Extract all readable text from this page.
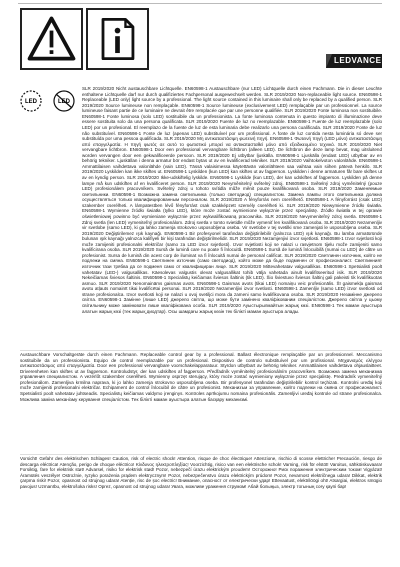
LEDVANCE
LED	LED
SLR 2019/2020 Nicht austauschbare Lichtquelle. EN60598-1 Austauschbare (nur LED) Lichtquelle durch einen Fachmann. Die in dieser Leuchte enthaltene Lichtquelle darf nur durch qualifiziertes Fachpersonal ausgewechselt werden. SLR 2019/2020 Non-replaceable light source. EN60598-1 Replaceable (LED only) light source by a professional. The light source contained in this luminaire shall only be replaced by a qualified person. SLR 2019/2020 Source lumineuse non remplaçable. EN60598-1 Source lumineuse (exclusivement LED) remplaçable par un professionnel. La source lumineuse faisant partie de ce luminaire ne devrait être remplacée que par une personne qualifiée. SLR 2019/2020 Fonte luminosa non sostituibile. EN60598-1 Fonte luminosa (solo LED) sostituibile da un professionista. La fonte luminosa contenuta in questo impianto di illuminazione deve essere sostituita solo da una persona qualificata. SLR 2019/2020 Fuente de luz no reemplazable. EN60598-1 Fuente de luz reemplazable (solo LED) por un profesional. El reemplazo de la fuente de luz de esta luminaria debe realizarlo una persona cualificada. SLR 2019/2020 Fonte de luz não substituível. EN60598-1 Fonte de luz (apenas LED) substituível por um profissional. A fonte de luz contida nesta luminária só deve ser substituída por uma pessoa qualificada. SLR 2019/2020 Μη αντικαταστάσιμη φωτεινή πηγή. EN60598-1 Φωτεινή πηγή (LED μόνο) αντικαταστάσιμη από επαγγελματία. Η πηγή φωτός σε αυτό το φωτιστικό μπορεί να αντικατασταθεί μόνο από εξειδικευμένο τεχνικό. SLR 2019/2020 Niet vervangbare lichtbron. EN60598-1 Door een professional vervangbare lichtbron (alleen LED). De lichtbron die deze lamp bevat, mag uitsluitend worden vervangen door een gekwalificeerde persoon. SLR 2019/2020 Ej utbytbar ljuskälla. EN60598-1 Ljuskälla (endast LED) utbytbar av en behörig tekniker. Ljuskällan i denna armatur bör endast bytas ut av en kvalificerad tekniker. SLR 2019/2020 Vaihtokelvoton valonlähde. EN60598-1 Ammattilaisen vaihdettava valonlähde (vain LED). Tässä valaisimessa käytettävän valonlähteen saa vaihtaa vain siihen pätevä henkilö. SLR 2019/2020 Lyskilden kan ikke skiftes ut. EN60598-1 Lyskilden (kun LED) kan skiftes ut av fagperson. Lyskilden i denne armaturen får bare skiftes ut av en kyndig person. SLR 2019/2020 Ikke-udskiftelig lyskilde. EN60598-1 Lyskilde (kun LED), der kan udskiftes af fagperson. Lyskilden på denne lampe må kun udskiftes af en kvalificeret person. SLR 2019/2020 Nevyměnitelný světelný zdroj. EN60598-1 Světelný zdroj vyměnitelný (pouze LED) profesionálem pracovníkem. Světelný zdroj u tohoto svítidla může měnit pouze kvalifikovaná osoba. SLR 2019/2020 Заменяемые светильники. EN60598-1 Возможна замена светильника (только светодиод) специалистом. Замена лампы этого светильника должна осуществляться только квалифицированным персоналом. SLR 2019/2020 A fényforrás nem cserélhető. EN60598-1 A fényforrást (csak LED) szakember cserélheti. A lámpatestben lévő fényforrást csak szakképzett személy cserélheti ki. SLR 2019/2020 Niewymienne źródło światła. EN60598-1 Wymienne źródło światła (tylko LED), które może zostać wymienione wyłącznie przez specjalistę. Źródło światła w tej oprawie oświetleniowej powinno być wymieniane wyłącznie przez wykwalifikowaną pracownika. SLR 2019/2020 Nevymeniteľný zdroj svetla. EN60598-1 Zdroj svetla (len LED) vymeniteľný profesionálom. Zdroj svetla v tomto svietidle môže vymeniť len kvalifikovaná osoba. SLR 2019/2020 Nezamenljiv vir svetlobe (samo LED), ki ga lahko zamenja strokovno usposobljena oseba. Vir svetlobe v tej svetilki sme zamenjati le usposobljena oseba. SLR 2019/2020 Değiştirilemez ışık kaynağı. EN60598-1 Bir profesyonel tarafından değiştirilebilir (yalnızca LED) ışık kaynağı. Bu lamba armatüründe bulunan ışık kaynağı yalnızca kalifiyeli bir kişi tarafından değiştirilmelidir. SLR 2019/2020 Nezamjenjivi izvor svjetlosti. EN60598-1 Izvor svjetlosti koji može zamijeniti profesionalni električar (samo za LED izvor svjetlosti). Izvor svjetlosti koji se nalazi u rasvjetnom tijelu može zamijeniti samo kvalificirana osoba. SLR 2019/2020 Sursă de lumină care nu poate fi înlocuită. EN60598-1 Sursă de lumină înlocuibilă (numai cu LED) de către un profesionist. Sursa de lumină din acest corp de iluminat va fi înlocuită numai de personal calificat. SLR 2019/2020 Светлинен източник, който не подлежи на смяна. EN60598-1 Светлинен източник (само светодиод), който може да бъде подменен от професионалист. Светлинният източник тази трябва да се подменя само от квалифициран лице. SLR 2019/2020 Mittevahetatav valgusallikas. EN60598-1 Spetsialisti poolt vahetatav (LED-) valgusallikas. Käesolevas valgustis olevat valgusallikat tohib välja vahetada ainult kvalifitseeritud isik. SLR 2019/2020 Nekeičiamas šviesos šaltinis. EN60598-1 Specialistų keičiamas šviesos šaltinis (tik LED). Šio šviestuvo šviesos šaltinį gali pakeisti tik kvalifikuotas asmuo. SLR 2019/2020 Nenomaināms gaismas avots. EN60598-1 Gaismas avots (tikai LED) nomaiņu veic profesionālis. Šī gaismekļa gaismas avotu atļauts nomainīt tikai kvalificētai personai. SLR 2019/2020 Nezamenljivi izvor svetlosti. EN60598-1 Zamenljiv (samo LED) izvor svetlosti od strane profesionalca. Izvor svetlosti koji se nalazi u ovoj svetiljci mora da zameni samo kvalifikovana osoba. SLR 2019/2020 Незамінне джерело світла. EN60598-1 Замінне (лише LED) джерело світла, що може бути замінено кваліфікованим спеціалістом. Джерело світла у цьому світильнику може замінювати лише кваліфікована особа. SLR 2019/2020 Ауыстырылмайтын жарық көзі. EN60598-1 Тек маман ауыстыра алатын жарық көзі (тек жарық диодтар). Осы шамдағы жарық көзін тек білікті маман ауыстыра алады.
Austauschbare Vorschaltgeräte durch einen Fachmann. Replaceable control gear by a professional. Ballast électronique remplaçable par un professionnel. Meccanismo sostituibile da un professionista. Equipo de control reemplazable por un profesional. Dispositivo de controlo substituível por um profissional. Μηχανισμός ελέγχου αντικαταστάσιμος από επαγγελματία. Door een professional vervangbare voorschakelapparatuur. Styrdon utbytbart av behörig tekniker. Ammattilaisen vaihdettava ohjauslaitteet. Driverenheten kan skiftes ut av fagperson. Kontroludstyr, der kan udskiftes af fagperson. Předřadník vyměnitelný profesionálním pracovníkem. Возможна замена механизма управления специалистом. A vezérlőt szakember cserélheti. Wymienny osprzęt sterujący, który może zostać wymieniony wyłącznie przez specjalistę. Predradník vymeniteľný profesionálom. Zamenljiva krmilna naprava, ki jo lahko zamenja strokovno usposobljena oseba. Bir profesyonel tarafından değiştirilebilir kontrol teçhizatı. Kontrolni uređaj koji može zamijeniti profesionalni električar. Echipament de control înlocuibil de către un profesionist. Механизъм за управление, който подлежи на смяна от професионалист. Spetsialisti poolt vahetatav juhtseadis. Specialistų keičiamas valdymo įrenginys. Kontroles aprīkojumu nomaina profesionālis. Zamenljivi uređaj kontrole od strane profesionalca. Можлива заміна механізму керування спеціалістом. Тек білікті маман ауыстыра алатын басқару механизмі.
Vorsicht! Gefahr des elektrischen Schlages! Caution, risk of electric shock! Attention, risque de choc électrique! Attenzione, rischio di scosse elettriche! Precaución, riesgo de descarga eléctrica! Atenção, perigo de choque eléctrico! Κίνδυνος ηλεκτροπληξίας! Voorzichtig, risico van een elektrische schok! Varning, risk för elstöt! Varoitus, sähköiskuvaara! Forsiktig, fare for elektrisk støt! Advarsel, risiko for elektrisk stød! Pozor, nebezpečí úrazu elektrickým proudem! Осторожно! Риск поражения электрическим током! Vigyázat! Áramütés veszélye! Ostrożnie, ryzyko porażenia prądem elektrycznym! Pozor, nebezpečenstvo úrazu elektrickým prúdom! Pozor, nevarnost električnega udara! Dikkat, elektrik çarpma riski! Pozor, opasnost od strujnog udara! Atenție, risc de șoc electric! Внимание, опасност от електрически удар! Ettevaatust, elektrilöögi oht! Atsargiai, elektros smūgio pavojus! Uzmanību, elektrošoka risks! Oprez, opasnost od strujnog udara! Увага, можливе ураження струмом! Абай болыңыз, электр тогының соғу қаупі бар!
